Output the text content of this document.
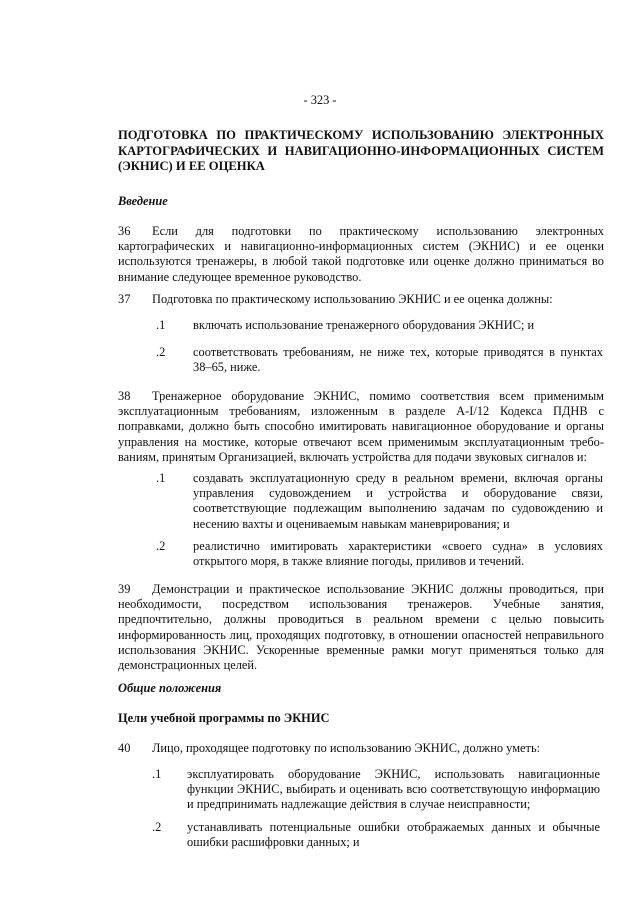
- 323 -
ПОДГОТОВКА ПО ПРАКТИЧЕСКОМУ ИСПОЛЬЗОВАНИЮ ЭЛЕКТРОННЫХ КАРТОГРАФИЧЕСКИХ И НАВИГАЦИОННО-ИНФОРМАЦИОННЫХ СИСТЕМ (ЭКНИС) И ЕЕ ОЦЕНКА
Введение
36 Если для подготовки по практическому использованию электронных картографических и навигационно-информационных систем (ЭКНИС) и ее оценки используются тренажеры, в любой такой подготовке или оценке должно приниматься во внимание следующее временное руководство.
37 Подготовка по практическому использованию ЭКНИС и ее оценка должны:
.1 включать использование тренажерного оборудования ЭКНИС; и
.2 соответствовать требованиям, не ниже тех, которые приводятся в пунктах 38–65, ниже.
38 Тренажерное оборудование ЭКНИС, помимо соответствия всем применимым эксплуатационным требованиям, изложенным в разделе A-I/12 Кодекса ПДНВ с поправками, должно быть способно имитировать навигационное оборудование и органы управления на мостике, которые отвечают всем применимым эксплуатационным требо-ваниям, принятым Организацией, включать устройства для подачи звуковых сигналов и:
.1 создавать эксплуатационную среду в реальном времени, включая органы управления судовождением и устройства и оборудование связи, соответствующие подлежащим выполнению задачам по судовождению и несению вахты и оцениваемым навыкам маневрирования; и
.2 реалистично имитировать характеристики «своего судна» в условиях открытого моря, в также влияние погоды, приливов и течений.
39 Демонстрации и практическое использование ЭКНИС должны проводиться, при необходимости, посредством использования тренажеров. Учебные занятия, предпочтительно, должны проводиться в реальном времени с целью повысить информированность лиц, проходящих подготовку, в отношении опасностей неправильного использования ЭКНИС. Ускоренные временные рамки могут применяться только для демонстрационных целей.
Общие положения
Цели учебной программы по ЭКНИС
40 Лицо, проходящее подготовку по использованию ЭКНИС, должно уметь:
.1 эксплуатировать оборудование ЭКНИС, использовать навигационные функции ЭКНИС, выбирать и оценивать всю соответствующую информацию и предпринимать надлежащие действия в случае неисправности;
.2 устанавливать потенциальные ошибки отображаемых данных и обычные ошибки расшифровки данных; и
